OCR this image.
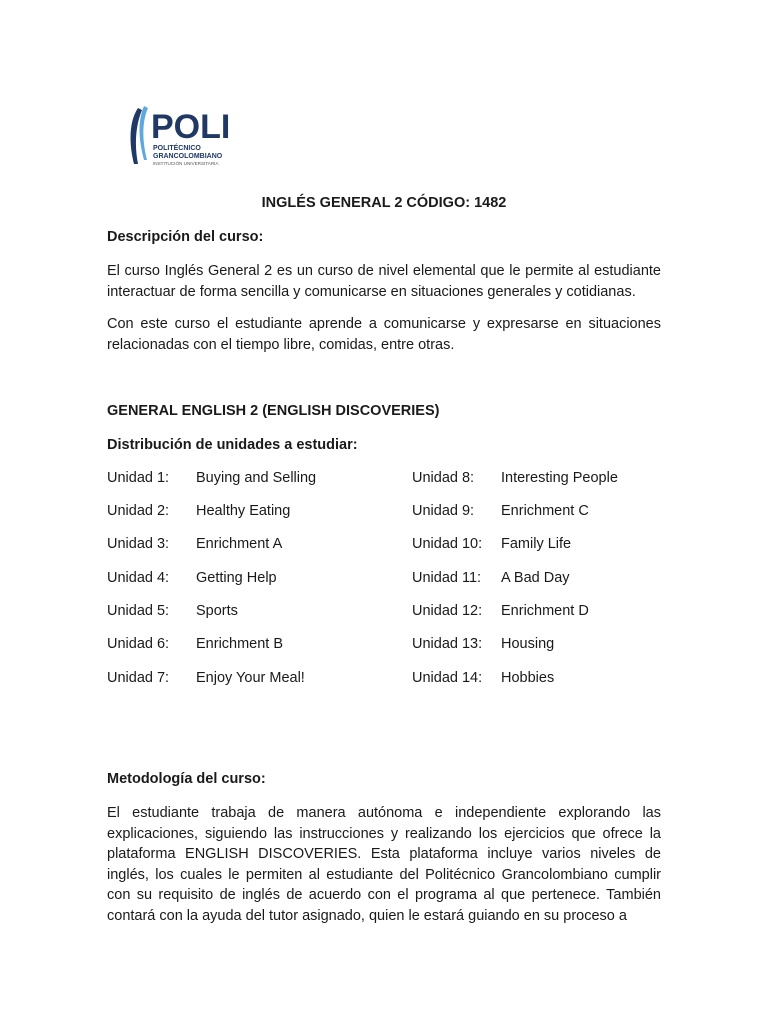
POLI
POLITÉCNICO
GRANCOLOMBIANO
INSTITUCIÓN UNIVERSITARIA
INGLÉS GENERAL 2 CÓDIGO: 1482
Descripción del curso:

El curso Inglés General 2 es un curso de nivel elemental que le permite al estudiante interactuar de forma sencilla y comunicarse en situaciones generales y cotidianas.

Con este curso el estudiante aprende a comunicarse y expresarse en situaciones relacionadas con el tiempo libre, comidas, entre otras.

GENERAL ENGLISH 2 (ENGLISH DISCOVERIES)
Distribución de unidades a estudiar:
Unidad 1: Buying and Selling
Unidad 2: Healthy Eating
Unidad 3: Enrichment A
Unidad 4: Getting Help
Unidad 5: Sports
Unidad 6: Enrichment B
Unidad 7: Enjoy Your Meal!
Unidad 8: Interesting People
Unidad 9: Enrichment C
Unidad 10: Family Life
Unidad 11: A Bad Day
Unidad 12: Enrichment D
Unidad 13: Housing
Unidad 14: Hobbies
Metodología del curso:

El estudiante trabaja de manera autónoma e independiente explorando las explicaciones, siguiendo las instrucciones y realizando los ejercicios que ofrece la plataforma ENGLISH DISCOVERIES. Esta plataforma incluye varios niveles de inglés, los cuales le permiten al estudiante del Politécnico Grancolombiano cumplir con su requisito de inglés de acuerdo con el programa al que pertenece. También contará con la ayuda del tutor asignado, quien le estará guiando en su proceso a
